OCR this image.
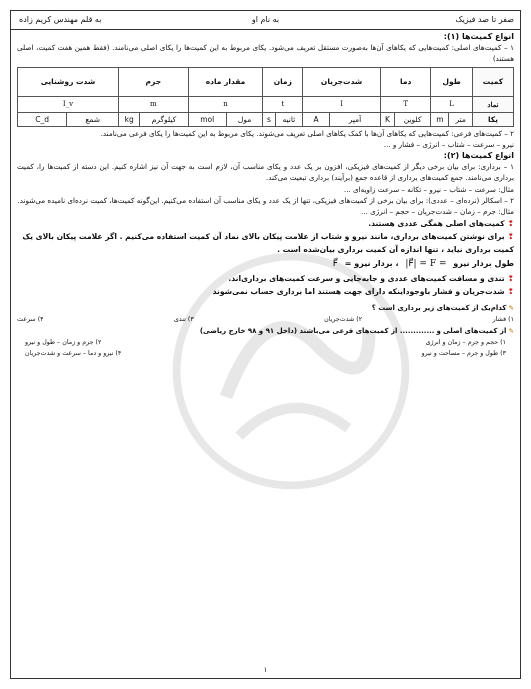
صفر تا صد فیزیک
به نام او
به قلم مهندس کریم زاده
انواع کمیت‌ها (۱):

۱ – کمیت‌های اصلی: کمیت‌هایی که یکاهای آن‌ها به‌صورت مستقل تعریف می‌شود. یکای مربوط به این کمیت‌ها را یکای اصلی می‌نامند. (فقط همین هفت کمیت، اصلی هستند)

کمیت	طول		دما		شدت‌جریان		زمان		مقدار ماده		جرم		شدت روشنایی	
نماد	L		T		I		t		n		m		I_v	
یکا	متر	m	کلوین	K	آمپر	A	ثانیه	s	مول	mol	کیلوگرم	kg	شمع	C_d

۲ – کمیت‌های فرعی: کمیت‌هایی که یکاهای آن‌ها با کمک یکاهای اصلی تعریف می‌شوند. یکای مربوط به این کمیت‌ها را یکای فرعی می‌نامند.

نیرو – سرعت – شتاب – انرژی – فشار و ...

انواع کمیت‌ها (۲):

۱ – برداری: برای بیان برخی دیگر از کمیت‌های فیزیکی، افزون بر یک عدد و یکای مناسب آن، لازم است به جهت آن نیز اشاره کنیم. این دسته از کمیت‌ها را، کمیت برداری می‌نامند. جمع کمیت‌های برداری از قاعده جمع (برآیند) برداری تبعیت می‌کند.

مثال: سرعت – شتاب – نیرو – تکانه – سرعت زاویه‌ای ...

۲ – اسکالر (نرده‌ای – عددی): برای بیان برخی از کمیت‌های فیزیکی، تنها از یک عدد و یکای مناسب آن استفاده می‌کنیم. این‌گونه کمیت‌ها، کمیت نرده‌ای نامیده می‌شوند.

مثال: جرم – زمان – شدت‌جریان – حجم – انرژی ...

❢کمیت‌های اصلی همگی عددی هستند.
❢برای نوشتن کمیت‌های برداری، مانند نیرو و شتاب از علامت پیکان بالای نماد آن کمیت استفاده می‌کنیم . اگر علامت پیکان بالای یک کمیت برداری نیاید ، تنها اندازه آن کمیت برداری بیان‌شده است .
طول بردار نیرو |F⃗| = F = ، بردار نیرو = F⃗
❢تندی و مسافت کمیت‌های عددی و جابه‌جایی و سرعت کمیت‌های برداری‌اند.
❢شدت‌جریان و فشار باوجوداینکه دارای جهت هستند اما برداری حساب نمی‌شوند
✎ کدام‌یک از کمیت‌های زیر برداری است ؟
۱) فشار
۲) شدت‌جریان
۳) تندی
۴) سرعت
✎ از کمیت‌های اصلی و ............. از کمیت‌های فرعی می‌باشند (داخل ۹۱ و ۹۸ خارج ریاضی)
۱) حجم و جرم – زمان و انرژی
۲) جرم و زمان – طول و نیرو
۳) طول و جرم – مساحت و نیرو
۴) نیرو و دما – سرعت و شدت‌جریان
۱
